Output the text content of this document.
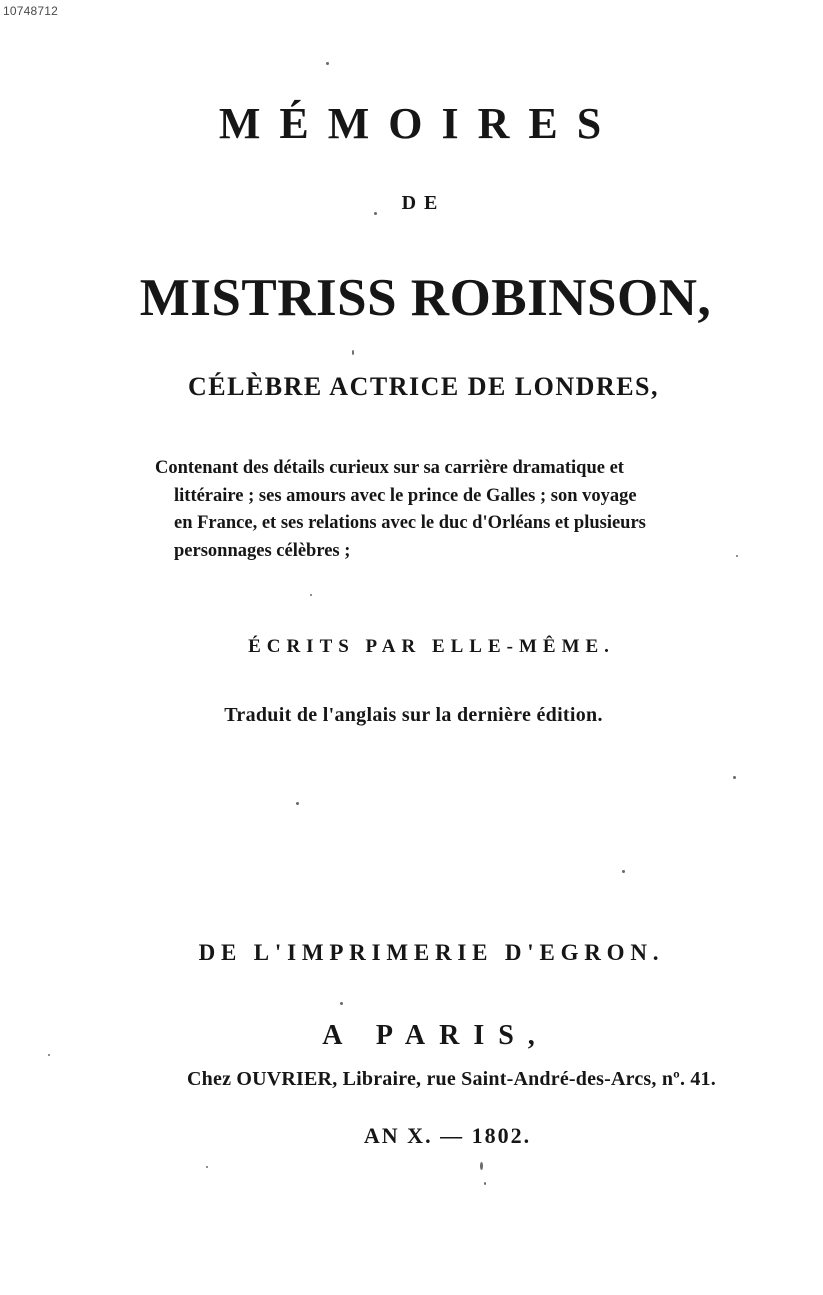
10748712
MÉMOIRES
DE
MISTRISS ROBINSON,
CÉLÈBRE ACTRICE DE LONDRES,
Contenant des détails curieux sur sa carrière dramatique et
littéraire ; ses amours avec le prince de Galles ; son voyage
en France, et ses relations avec le duc d'Orléans et plusieurs
personnages célèbres ;
ÉCRITS PAR ELLE-MÊME.
Traduit de l'anglais sur la dernière édition.
DE L'IMPRIMERIE D'EGRON.
A PARIS,
Chez OUVRIER, Libraire, rue Saint-André-des-Arcs, nº. 41.
AN X. — 1802.
